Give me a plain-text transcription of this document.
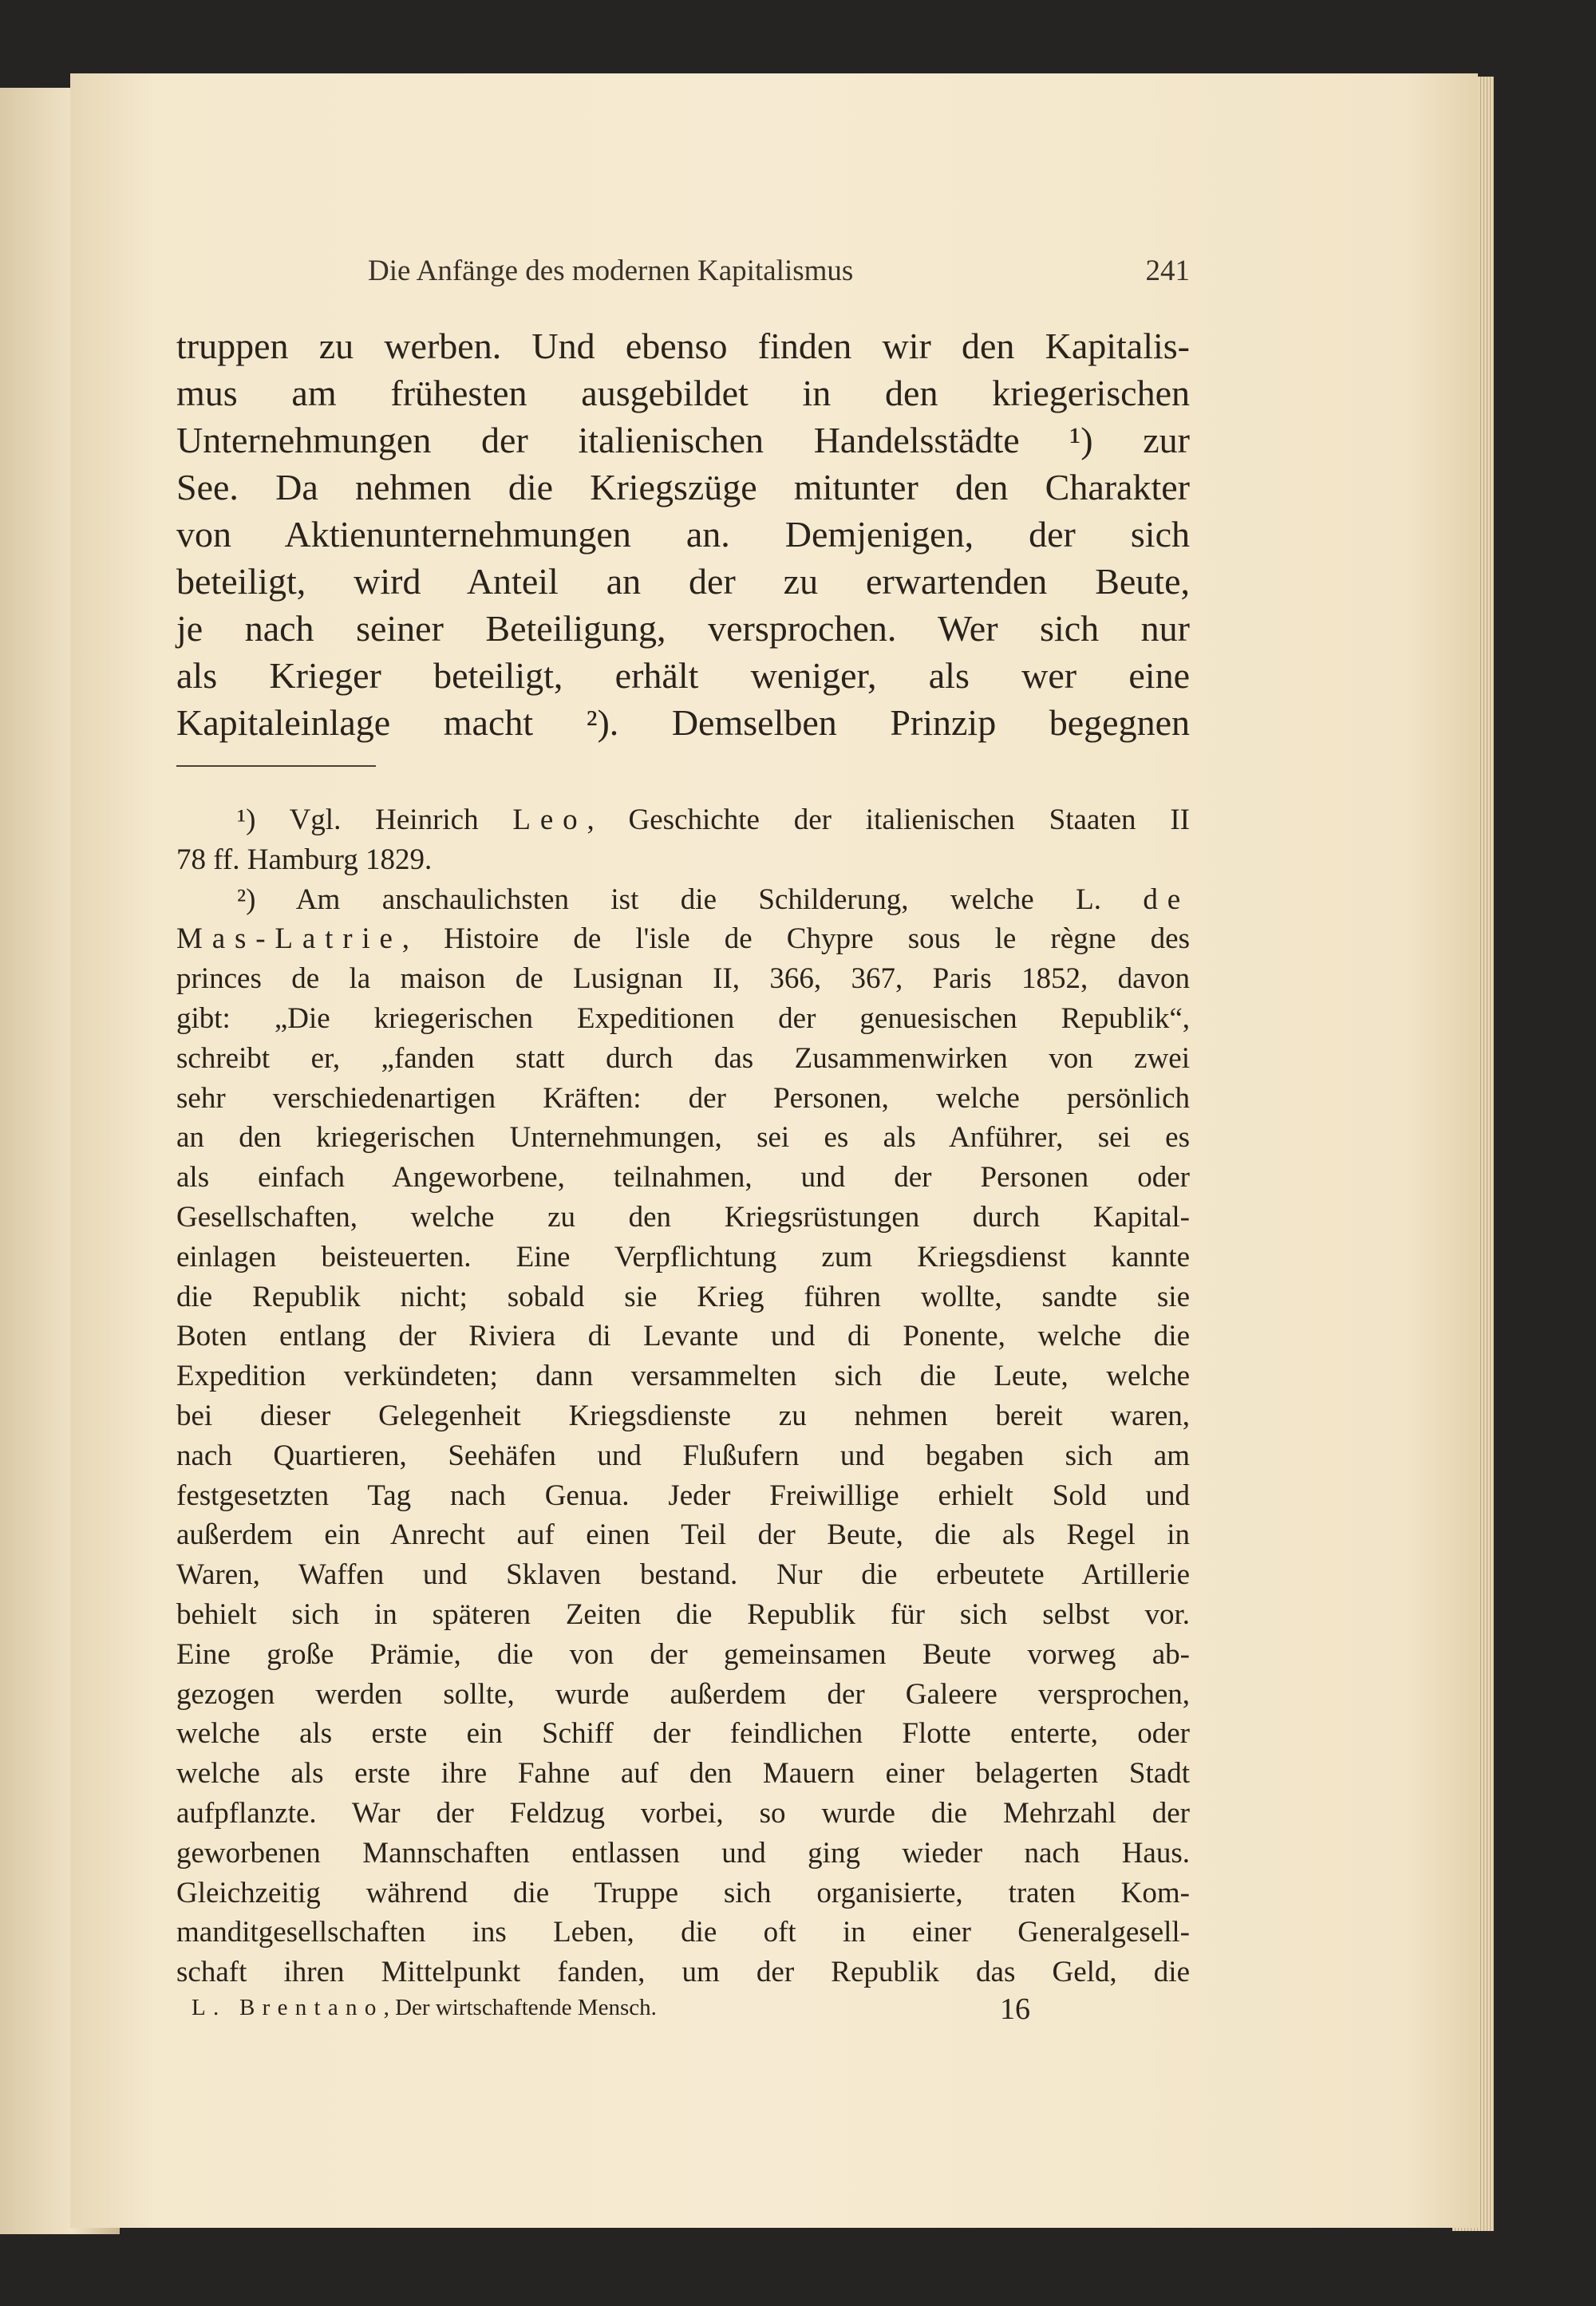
Die Anfänge des modernen Kapitalismus	241
truppen zu werben. Und ebenso finden wir den Kapitalis-
mus am frühesten ausgebildet in den kriegerischen
Unternehmungen der italienischen Handelsstädte ¹) zur
See. Da nehmen die Kriegszüge mitunter den Charakter
von Aktienunternehmungen an. Demjenigen, der sich
beteiligt, wird Anteil an der zu erwartenden Beute,
je nach seiner Beteiligung, versprochen. Wer sich nur
als Krieger beteiligt, erhält weniger, als wer eine
Kapitaleinlage macht ²). Demselben Prinzip begegnen
¹) Vgl. Heinrich Leo, Geschichte der italienischen Staaten II
78 ff. Hamburg 1829.
²) Am anschaulichsten ist die Schilderung, welche L. de
Mas-Latrie, Histoire de l'isle de Chypre sous le règne des
princes de la maison de Lusignan II, 366, 367, Paris 1852, davon
gibt: „Die kriegerischen Expeditionen der genuesischen Republik“,
schreibt er, „fanden statt durch das Zusammenwirken von zwei
sehr verschiedenartigen Kräften: der Personen, welche persönlich
an den kriegerischen Unternehmungen, sei es als Anführer, sei es
als einfach Angeworbene, teilnahmen, und der Personen oder
Gesellschaften, welche zu den Kriegsrüstungen durch Kapital-
einlagen beisteuerten. Eine Verpflichtung zum Kriegsdienst kannte
die Republik nicht; sobald sie Krieg führen wollte, sandte sie
Boten entlang der Riviera di Levante und di Ponente, welche die
Expedition verkündeten; dann versammelten sich die Leute, welche
bei dieser Gelegenheit Kriegsdienste zu nehmen bereit waren,
nach Quartieren, Seehäfen und Flußufern und begaben sich am
festgesetzten Tag nach Genua. Jeder Freiwillige erhielt Sold und
außerdem ein Anrecht auf einen Teil der Beute, die als Regel in
Waren, Waffen und Sklaven bestand. Nur die erbeutete Artillerie
behielt sich in späteren Zeiten die Republik für sich selbst vor.
Eine große Prämie, die von der gemeinsamen Beute vorweg ab-
gezogen werden sollte, wurde außerdem der Galeere versprochen,
welche als erste ein Schiff der feindlichen Flotte enterte, oder
welche als erste ihre Fahne auf den Mauern einer belagerten Stadt
aufpflanzte. War der Feldzug vorbei, so wurde die Mehrzahl der
geworbenen Mannschaften entlassen und ging wieder nach Haus.
Gleichzeitig während die Truppe sich organisierte, traten Kom-
manditgesellschaften ins Leben, die oft in einer Generalgesell-
schaft ihren Mittelpunkt fanden, um der Republik das Geld, die
L. Brentano, Der wirtschaftende Mensch.	16
